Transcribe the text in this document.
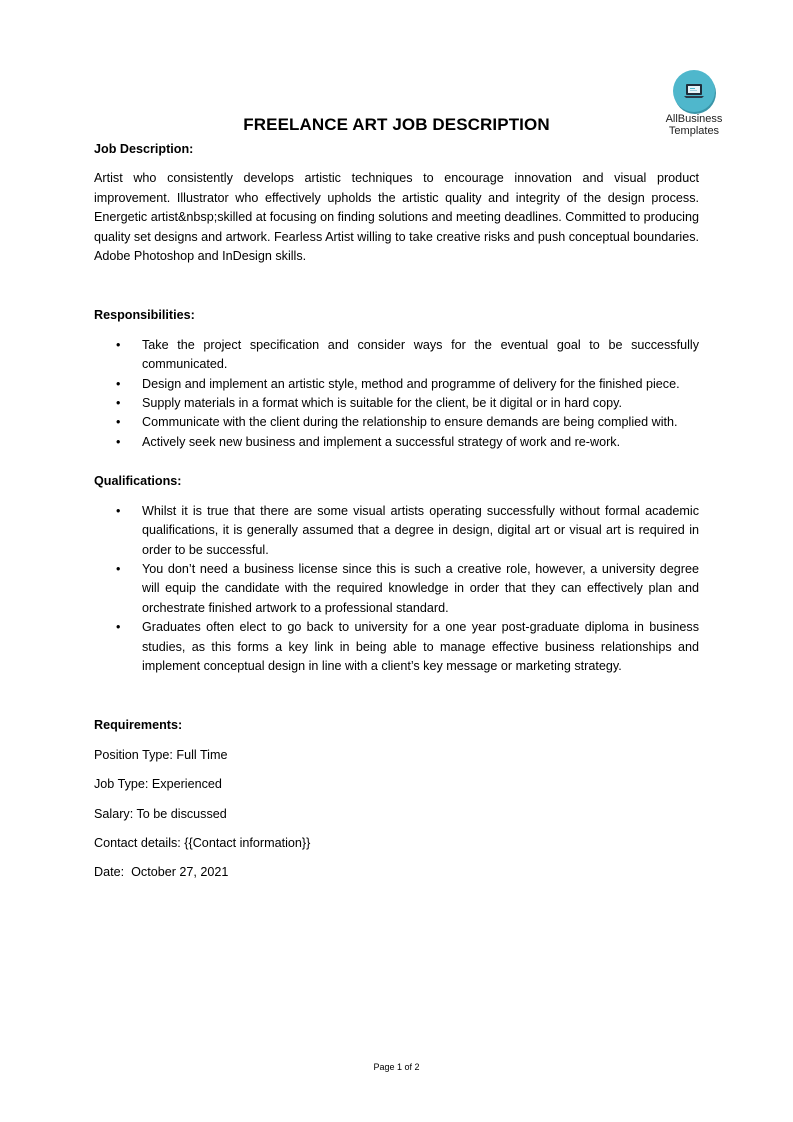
AllBusiness
Templates
FREELANCE ART JOB DESCRIPTION

Job Description:

Artist who consistently develops artistic techniques to encourage innovation and visual product improvement. Illustrator who effectively upholds the artistic quality and integrity of the design process. Energetic artist&nbsp;skilled at focusing on finding solutions and meeting deadlines. Committed to producing quality set designs and artwork. Fearless Artist willing to take creative risks and push conceptual boundaries. Adobe Photoshop and InDesign skills.

Responsibilities:

• Take the project specification and consider ways for the eventual goal to be successfully communicated.
• Design and implement an artistic style, method and programme of delivery for the finished piece.
• Supply materials in a format which is suitable for the client, be it digital or in hard copy.
• Communicate with the client during the relationship to ensure demands are being complied with.
• Actively seek new business and implement a successful strategy of work and re-work.

Qualifications:

• Whilst it is true that there are some visual artists operating successfully without formal academic qualifications, it is generally assumed that a degree in design, digital art or visual art is required in order to be successful.
• You don’t need a business license since this is such a creative role, however, a university degree will equip the candidate with the required knowledge in order that they can effectively plan and orchestrate finished artwork to a professional standard.
• Graduates often elect to go back to university for a one year post-graduate diploma in business studies, as this forms a key link in being able to manage effective business relationships and implement conceptual design in line with a client’s key message or marketing strategy.

Requirements:

Position Type: Full Time

Job Type: Experienced

Salary: To be discussed

Contact details: {{Contact information}}

Date:  October 27, 2021

Page 1 of 2
